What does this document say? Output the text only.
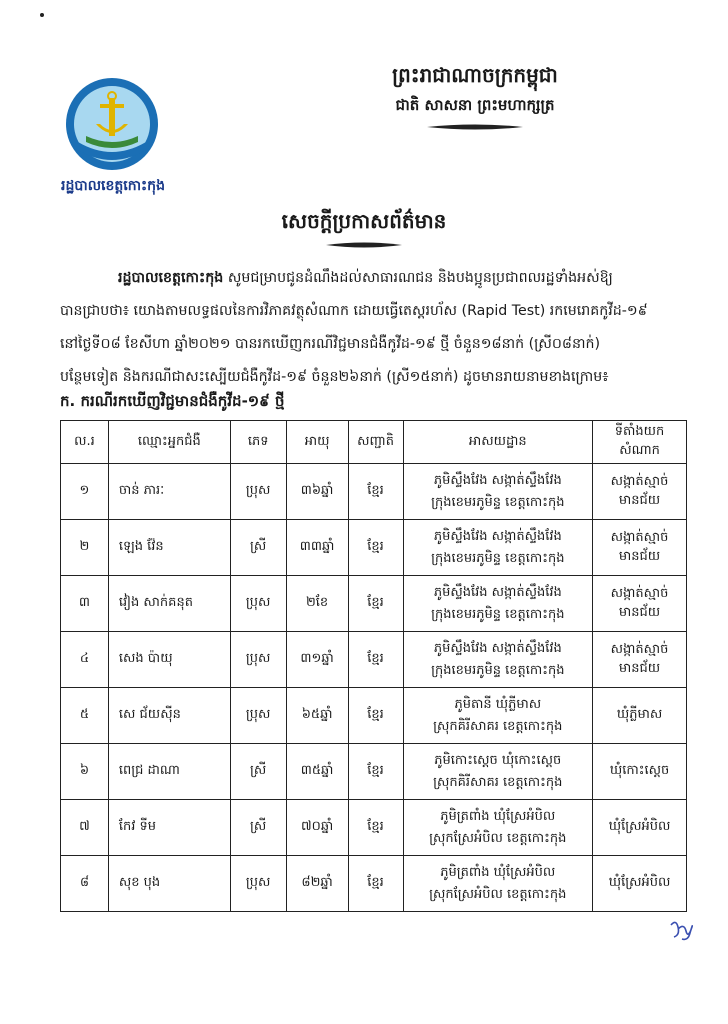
ព្រះរាជាណាចក្រកម្ពុជា
ជាតិ សាសនា ព្រះមហាក្សត្រ
រដ្ឋបាលខេត្តកោះកុង
សេចក្តីប្រកាសព័ត៌មាន

រដ្ឋបាលខេត្តកោះកុង សូមជម្រាបជូនដំណឹងដល់សាធារណជន និងបងប្អូនប្រជាពលរដ្ឋទាំងអស់ឱ្យ

បានជ្រាបថា៖ យោងតាមលទ្ធផលនៃការវិភាគវត្ថុសំណាក ដោយធ្វើតេស្តរហ័ស (Rapid Test) រកមេរោគកូវីដ-១៩

នៅថ្ងៃទី០៨ ខែសីហា ឆ្នាំ២០២១ បានរកឃើញករណីវិជ្ជមានជំងឺកូវីដ-១៩ ថ្មី ចំនួន១៨នាក់ (ស្រី០៨នាក់)

បន្ថែមទៀត និងករណីជាសះស្បើយជំងឺកូវីដ-១៩ ចំនួន២៦នាក់ (ស្រី១៥នាក់) ដូចមានរាយនាមខាងក្រោម៖

ក. ករណីរកឃើញវិជ្ជមានជំងឺកូវីដ-១៩ ថ្មី
ល.រ	ឈ្មោះអ្នកជំងឺ	ភេទ	អាយុ	សញ្ជាតិ	អាសយដ្ឋាន	ទីតាំងយកសំណាក
១	ចាន់ ភារៈ	ប្រុស	៣៦ឆ្នាំ	ខ្មែរ	ភូមិស្ទឹងវែង សង្កាត់ស្ទឹងវែង
ក្រុងខេមរភូមិន្ទ ខេត្តកោះកុង	សង្កាត់ស្មាច់មានជ័យ
២	ឡេង វ៉ែន	ស្រី	៣៣ឆ្នាំ	ខ្មែរ	ភូមិស្ទឹងវែង សង្កាត់ស្ទឹងវែង
ក្រុងខេមរភូមិន្ទ ខេត្តកោះកុង	សង្កាត់ស្មាច់មានជ័យ
៣	វៀង សាក់គនុត	ប្រុស	២ខែ	ខ្មែរ	ភូមិស្ទឹងវែង សង្កាត់ស្ទឹងវែង
ក្រុងខេមរភូមិន្ទ ខេត្តកោះកុង	សង្កាត់ស្មាច់មានជ័យ
៤	សេង ប៉ាយុ	ប្រុស	៣១ឆ្នាំ	ខ្មែរ	ភូមិស្ទឹងវែង សង្កាត់ស្ទឹងវែង
ក្រុងខេមរភូមិន្ទ ខេត្តកោះកុង	សង្កាត់ស្មាច់មានជ័យ
៥	សេ ជ័យស៊ីន	ប្រុស	៦៥ឆ្នាំ	ខ្មែរ	ភូមិតានី ឃុំភ្លីមាស
ស្រុកគិរីសាគរ ខេត្តកោះកុង	ឃុំភ្លីមាស
៦	ពេជ្រ ដាណា	ស្រី	៣៥ឆ្នាំ	ខ្មែរ	ភូមិកោះស្តេច ឃុំកោះស្តេច
ស្រុកគិរីសាគរ ខេត្តកោះកុង	ឃុំកោះស្តេច
៧	កែវ ទីម	ស្រី	៧០ឆ្នាំ	ខ្មែរ	ភូមិត្រពាំង ឃុំស្រែអំបិល
ស្រុកស្រែអំបិល ខេត្តកោះកុង	ឃុំស្រែអំបិល
៨	សុខ បុង	ប្រុស	៨២ឆ្នាំ	ខ្មែរ	ភូមិត្រពាំង ឃុំស្រែអំបិល
ស្រុកស្រែអំបិល ខេត្តកោះកុង	ឃុំស្រែអំបិល
